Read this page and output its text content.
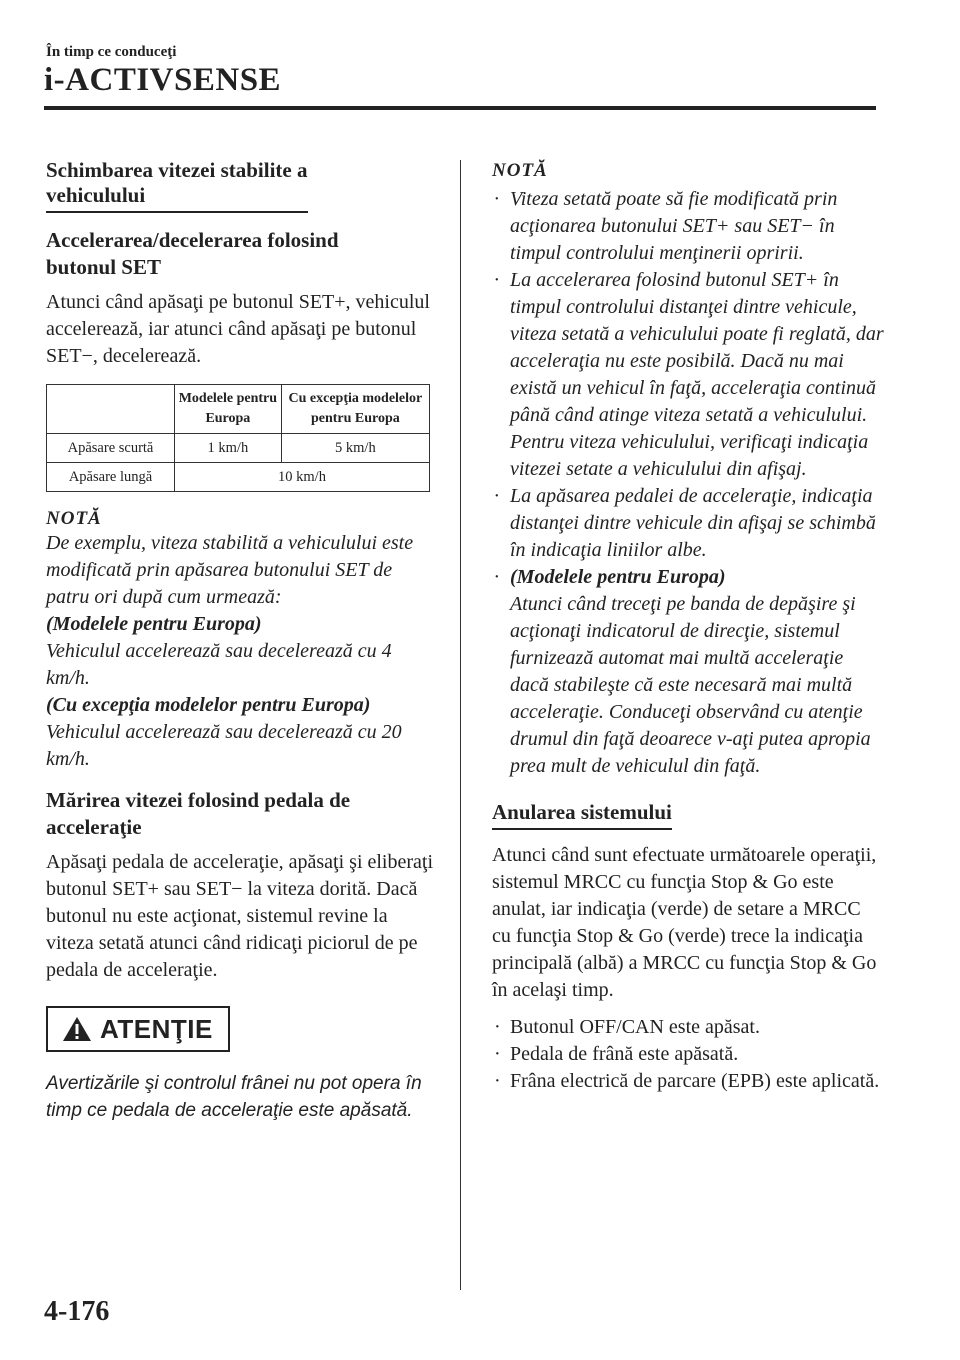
În timp ce conduceţi
i-ACTIVSENSE
Schimbarea vitezei stabilite a
vehiculului
Accelerarea/decelerarea folosind
butonul SET

Atunci când apăsaţi pe butonul SET+, vehiculul accelerează, iar atunci când apăsaţi pe butonul SET−, decelerează.

	Modelele pentru Europa	Cu excepţia modelelor pentru Europa
Apăsare scurtă	1 km/h	5 km/h
Apăsare lungă	10 km/h	
NOTĂ

De exemplu, viteza stabilită a vehiculului este modificată prin apăsarea butonului SET de patru ori după cum urmează:

(Modelele pentru Europa)

Vehiculul accelerează sau decelerează cu 4 km/h.

(Cu excepţia modelelor pentru Europa)

Vehiculul accelerează sau decelerează cu 20 km/h.

Mărirea vitezei folosind pedala de
acceleraţie

Apăsaţi pedala de acceleraţie, apăsaţi şi eliberaţi butonul SET+ sau SET− la viteza dorită. Dacă butonul nu este acţionat, sistemul revine la viteza setată atunci când ridicaţi piciorul de pe pedala de acceleraţie.

ATENŢIE

Avertizările şi controlul frânei nu pot opera în timp ce pedala de acceleraţie este apăsată.

NOTĂ
· Viteza setată poate să fie modificată prin acţionarea butonului SET+ sau SET− în timpul controlului menţinerii opririi.
· La accelerarea folosind butonul SET+ în timpul controlului distanţei dintre vehicule, viteza setată a vehiculului poate fi reglată, dar acceleraţia nu este posibilă. Dacă nu mai există un vehicul în faţă, acceleraţia continuă până când atinge viteza setată a vehiculului. Pentru viteza vehiculului, verificaţi indicaţia vitezei setate a vehiculului din afişaj.
· La apăsarea pedalei de acceleraţie, indicaţia distanţei dintre vehicule din afişaj se schimbă în indicaţia liniilor albe.
· (Modelele pentru Europa)
Atunci când treceţi pe banda de depăşire şi acţionaţi indicatorul de direcţie, sistemul furnizează automat mai multă acceleraţie dacă stabileşte că este necesară mai multă acceleraţie. Conduceţi observând cu atenţie drumul din faţă deoarece v-aţi putea apropia prea mult de vehiculul din faţă.
Anularea sistemului

Atunci când sunt efectuate următoarele operaţii, sistemul MRCC cu funcţia Stop & Go este anulat, iar indicaţia (verde) de setare a MRCC cu funcţia Stop & Go (verde) trece la indicaţia principală (albă) a MRCC cu funcţia Stop & Go în acelaşi timp.

· Butonul OFF/CAN este apăsat.
· Pedala de frână este apăsată.
· Frâna electrică de parcare (EPB) este aplicată.
4-176
